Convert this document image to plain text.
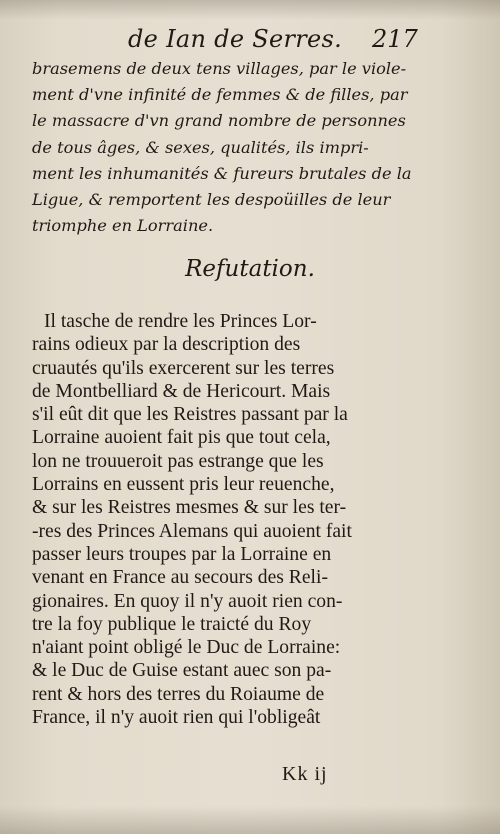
de Ian de Serres. 217
brasemens de deux tens villages, par le viole-
ment d'vne infinité de femmes & de filles, par
le massacre d'vn grand nombre de personnes
de tous âges, & sexes, qualités, ils impri-
ment les inhumanités & fureurs brutales de la
Ligue, & remportent les despoüilles de leur
triomphe en Lorraine.
Refutation.
Il tasche de rendre les Princes Lor-
rains odieux par la description des
cruautés qu'ils exercerent sur les terres
de Montbelliard & de Hericourt. Mais
s'il eût dit que les Reistres passant par la
Lorraine auoient fait pis que tout cela,
lon ne trouueroit pas estrange que les
Lorrains en eussent pris leur reuenche,
& sur les Reistres mesmes & sur les ter-
-res des Princes Alemans qui auoient fait
passer leurs troupes par la Lorraine en
venant en France au secours des Reli-
gionaires. En quoy il n'y auoit rien con-
tre la foy publique le traicté du Roy
n'aiant point obligé le Duc de Lorraine:
& le Duc de Guise estant auec son pa-
rent & hors des terres du Roiaume de
France, il n'y auoit rien qui l'obligeât
Kk ij
